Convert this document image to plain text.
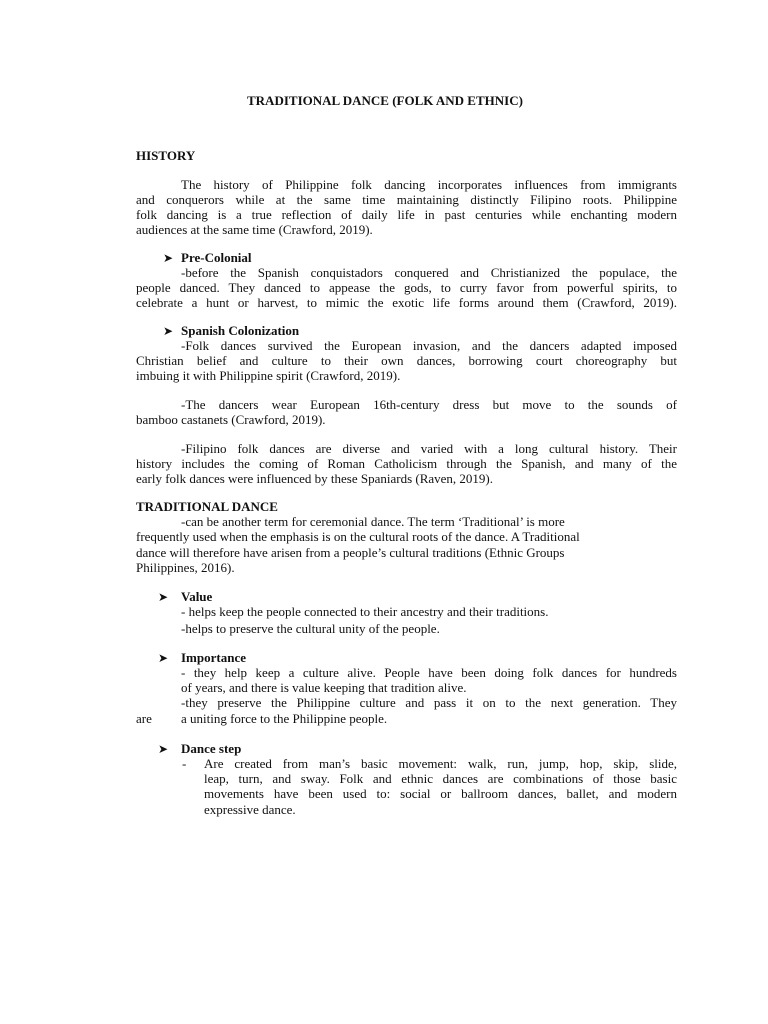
TRADITIONAL DANCE (FOLK AND ETHNIC)
HISTORY
The history of Philippine folk dancing incorporates influences from immigrants
and conquerors while at the same time maintaining distinctly Filipino roots. Philippine
folk dancing is a true reflection of daily life in past centuries while enchanting modern
audiences at the same time (Crawford, 2019).
➤ Pre-Colonial
-before the Spanish conquistadors conquered and Christianized the populace, the
people danced. They danced to appease the gods, to curry favor from powerful spirits, to
celebrate a hunt or harvest, to mimic the exotic life forms around them (Crawford, 2019).
➤ Spanish Colonization
-Folk dances survived the European invasion, and the dancers adapted imposed
Christian belief and culture to their own dances, borrowing court choreography but
imbuing it with Philippine spirit (Crawford, 2019).
-The dancers wear European 16th-century dress but move to the sounds of
bamboo castanets (Crawford, 2019).
-Filipino folk dances are diverse and varied with a long cultural history. Their
history includes the coming of Roman Catholicism through the Spanish, and many of the
early folk dances were influenced by these Spaniards (Raven, 2019).
TRADITIONAL DANCE
-can be another term for ceremonial dance. The term ‘Traditional’ is more
frequently used when the emphasis is on the cultural roots of the dance. A Traditional
dance will therefore have arisen from a people’s cultural traditions (Ethnic Groups
Philippines, 2016).
➤ Value
- helps keep the people connected to their ancestry and their traditions.
-helps to preserve the cultural unity of the people.
➤ Importance
- they help keep a culture alive. People have been doing folk dances for hundreds
of years, and there is value keeping that tradition alive.
-they preserve the Philippine culture and pass it on to the next generation. They
are a uniting force to the Philippine people.
➤ Dance step
- Are created from man’s basic movement: walk, run, jump, hop, skip, slide,
leap, turn, and sway. Folk and ethnic dances are combinations of those basic
movements have been used to: social or ballroom dances, ballet, and modern
expressive dance.
